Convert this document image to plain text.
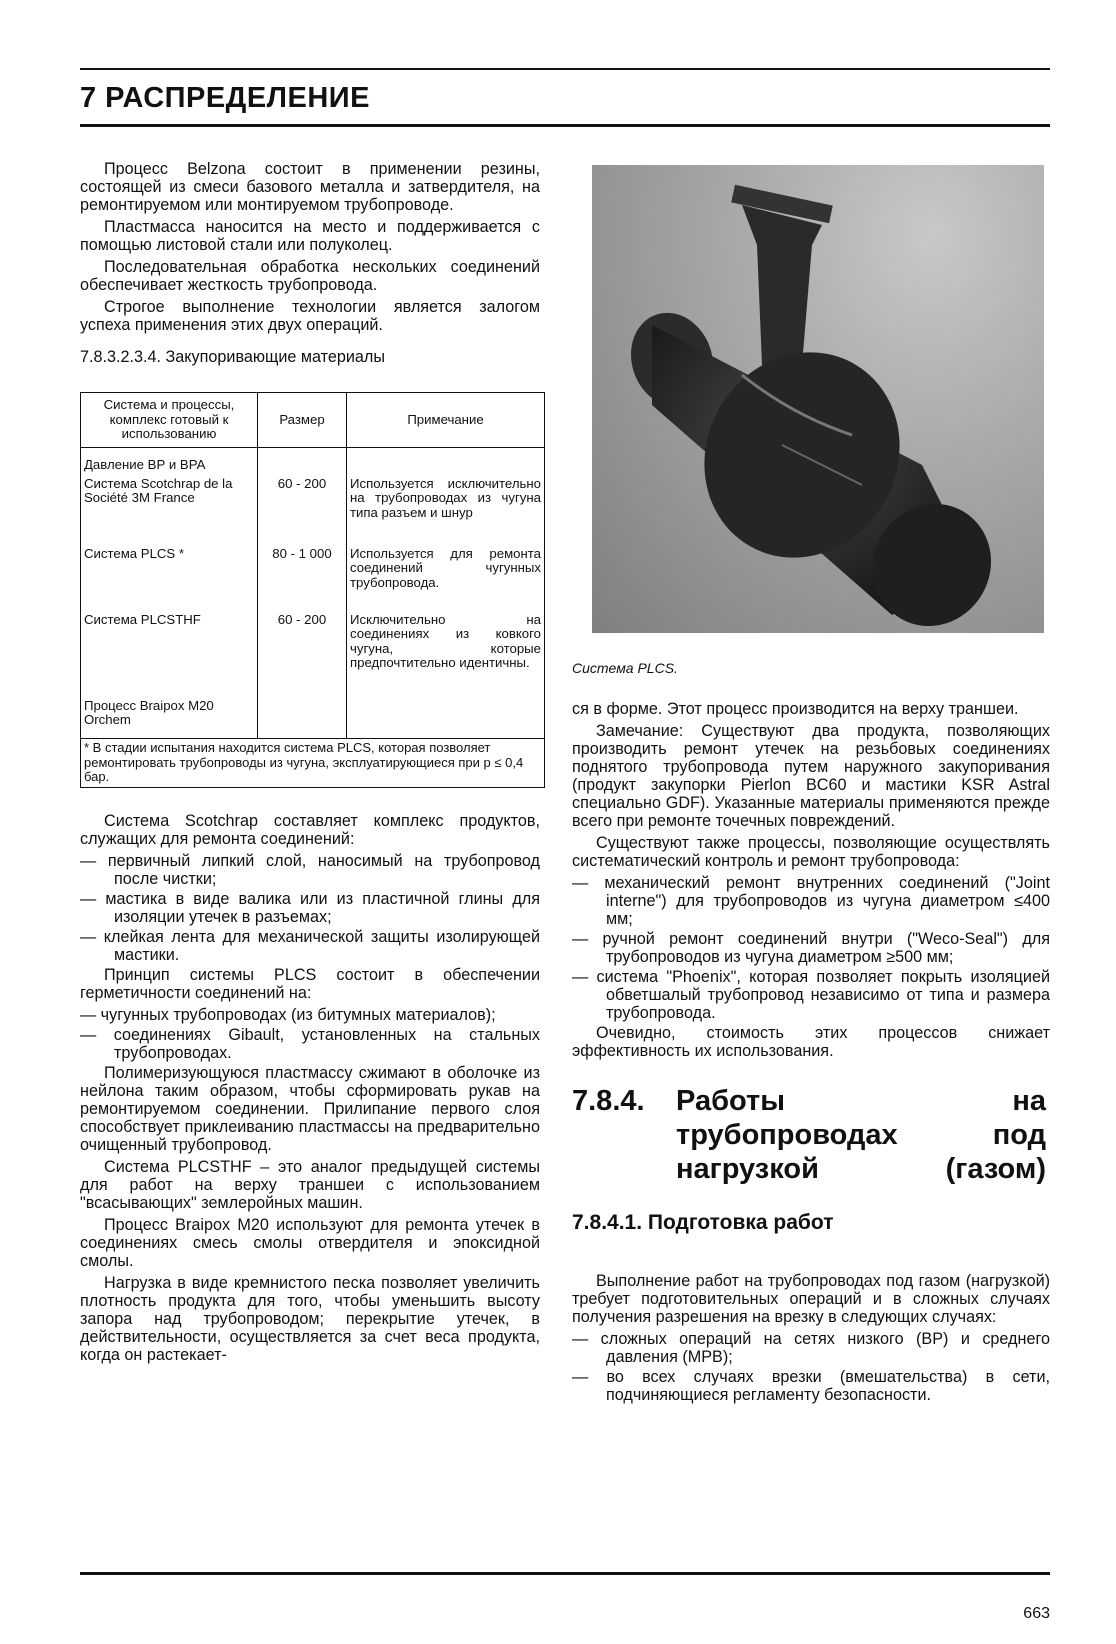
7 РАСПРЕДЕЛЕНИЕ

Процесс Belzona состоит в применении резины, состоящей из смеси базового металла и затвердителя, на ремонтируемом или монтируемом трубопроводе.

Пластмасса наносится на место и поддерживается с помощью листовой стали или полуколец.

Последовательная обработка нескольких соединений обеспечивает жесткость трубопровода.

Строгое выполнение технологии является залогом успеха применения этих двух операций.

7.8.3.2.3.4. Закупоривающие материалы

Система и процессы, комплекс готовый к использованию	Размер	Примечание
Давление ВР и ВРА		
Система Scotchrap de la Société 3M France	60 - 200	Используется исключительно на трубопроводах из чугуна типа разъем и шнур
Система PLCS *	80 - 1 000	Используется для ремонта соединений чугунных трубопровода.
Система PLCSTHF	60 - 200	Исключительно на соединениях из ковкого чугуна, которые предпочтительно идентичны.
Процесс Braipox M20 Orchem		
* В стадии испытания находится система PLCS, которая позволяет ремонтировать трубопроводы из чугуна, эксплуатирующиеся при p ≤ 0,4 бар.		

Система Scotchrap составляет комплекс продуктов, служащих для ремонта соединений:

— первичный липкий слой, наносимый на трубопровод после чистки;
— мастика в виде валика или из пластичной глины для изоляции утечек в разъемах;
— клейкая лента для механической защиты изолирующей мастики.

Принцип системы PLCS состоит в обеспечении герметичности соединений на:

— чугунных трубопроводах (из битумных материалов);
— соединениях Gibault, установленных на стальных трубопроводах.

Полимеризующуюся пластмассу сжимают в оболочке из нейлона таким образом, чтобы сформировать рукав на ремонтируемом соединении. Прилипание первого слоя способствует приклеиванию пластмассы на предварительно очищенный трубопровод.

Система PLCSTHF – это аналог предыдущей системы для работ на верху траншеи с использованием "всасывающих" землеройных машин.

Процесс Braipox M20 используют для ремонта утечек в соединениях смесь смолы отвердителя и эпоксидной смолы.

Нагрузка в виде кремнистого песка позволяет увеличить плотность продукта для того, чтобы уменьшить высоту запора над трубопроводом; перекрытие утечек, в действительности, осуществляется за счет веса продукта, когда он растекает-

Система PLCS.

ся в форме. Этот процесс производится на верху траншеи.

Замечание: Существуют два продукта, позволяющих производить ремонт утечек на резьбовых соединениях поднятого трубопровода путем наружного закупоривания (продукт закупорки Pierlon BC60 и мастики KSR Astral специально GDF). Указанные материалы применяются прежде всего при ремонте точечных повреждений.

Существуют также процессы, позволяющие осуществлять систематический контроль и ремонт трубопровода:

— механический ремонт внутренних соединений ("Joint interne") для трубопроводов из чугуна диаметром ≤400 мм;
— ручной ремонт соединений внутри ("Weco-Seal") для трубопроводов из чугуна диаметром ≥500 мм;
— система "Phoenix", которая позволяет покрыть изоляцией обветшалый трубопровод независимо от типа и размера трубопровода.

Очевидно, стоимость этих процессов снижает эффективность их использования.

7.8.4.	Работы на трубопроводах под нагрузкой (газом)
7.8.4.1. Подготовка работ

Выполнение работ на трубопроводах под газом (нагрузкой) требует подготовительных операций и в сложных случаях получения разрешения на врезку в следующих случаях:

— сложных операций на сетях низкого (ВР) и среднего давления (МРВ);
— во всех случаях врезки (вмешательства) в сети, подчиняющиеся регламенту безопасности.
663
